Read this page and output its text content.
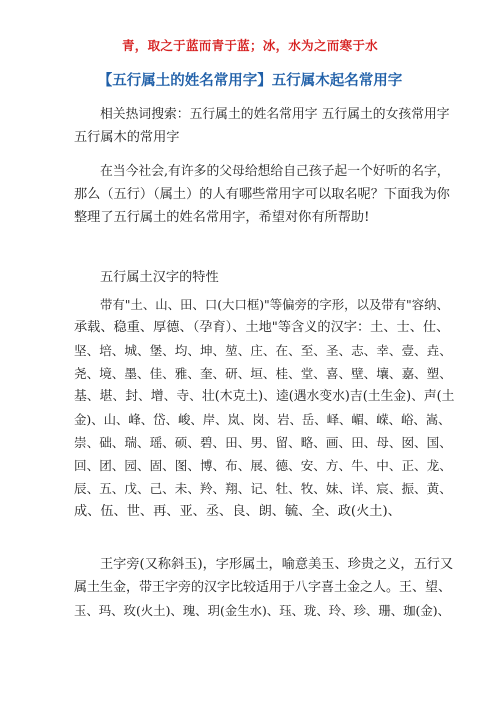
青，取之于蓝而青于蓝；冰，水为之而寒于水
【五行属土的姓名常用字】五行属木起名常用字

相关热词搜索：五行属土的姓名常用字 五行属土的女孩常用字

五行属木的常用字

在当今社会,有许多的父母给想给自己孩子起一个好听的名字，

那么（五行）（属土）的人有哪些常用字可以取名呢？下面我为你

整理了五行属土的姓名常用字，希望对你有所帮助!

五行属土汉字的特性

带有"土、山、田、口(大口框)"等偏旁的字形，以及带有"容纳、

承载、稳重、厚德、（孕育）、土地"等含义的汉字：土、士、仕、

坚、培、城、堡、均、坤、堃、庄、在、至、圣、志、幸、壹、垚、

尧、境、墨、佳、雅、奎、研、垣、桂、堂、喜、壁、壤、嘉、塑、

基、堪、封、增、寺、壮(木克土)、逵(遇水变水)吉(土生金)、声(土

金)、山、峰、岱、峻、岸、岚、岗、岩、岳、峄、嵋、嵘、峪、嵩、

崇、础、瑞、瑶、硕、碧、田、男、留、略、画、田、母、囡、国、

回、团、园、固、图、博、布、展、德、安、方、牛、中、正、龙、

辰、五、戊、己、未、羚、翔、记、牡、牧、妹、详、宸、振、黄、

成、伍、世、再、亚、丞、良、朗、毓、全、政(火土)、

王字旁(又称斜玉)，字形属土，喻意美玉、珍贵之义，五行又

属土生金，带王字旁的汉字比较适用于八字喜土金之人。王、望、

玉、玛、玫(火土)、瑰、玥(金生水)、珏、珑、玲、珍、珊、珈(金)、
